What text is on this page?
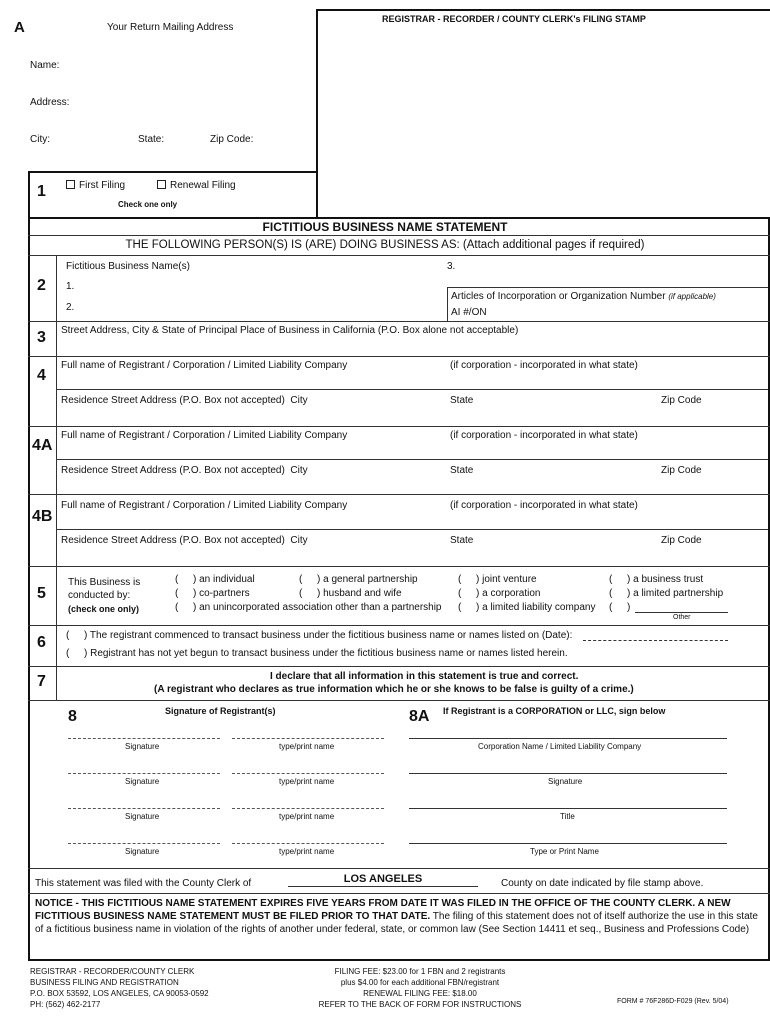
A	Your Return Mailing Address
Name:
Address:
City:	State:	Zip Code:
REGISTRAR - RECORDER / COUNTY CLERK's FILING STAMP
1	First Filing	Renewal Filing
Check one only
FICTITIOUS BUSINESS NAME STATEMENT
THE FOLLOWING PERSON(S) IS (ARE) DOING BUSINESS AS: (Attach additional pages if required)
2
Fictitious Business Name(s)
1.
2.
3.
Articles of Incorporation or Organization Number (if applicable)
AI #/ON
3 Street Address, City & State of Principal Place of Business in California (P.O. Box alone not acceptable)
4
Full name of Registrant / Corporation / Limited Liability Company	(if corporation - incorporated in what state)
Residence Street Address (P.O. Box not accepted) City	State	Zip Code
4A
Full name of Registrant / Corporation / Limited Liability Company	(if corporation - incorporated in what state)
Residence Street Address (P.O. Box not accepted) City	State	Zip Code
4B
Full name of Registrant / Corporation / Limited Liability Company	(if corporation - incorporated in what state)
Residence Street Address (P.O. Box not accepted) City	State	Zip Code
5
This Business is
conducted by:
(check one only)
( ) an individual	( ) a general partnership	( ) joint venture	( ) a business trust
( ) co-partners	( ) husband and wife	( ) a corporation	( ) a limited partnership
( ) an unincorporated association other than a partnership ( ) a limited liability company ( )
Other
6 ( ) The registrant commenced to transact business under the fictitious business name or names listed on (Date):
( ) Registrant has not yet begun to transact business under the fictitious business name or names listed herein.
7	I declare that all information in this statement is true and correct.
(A registrant who declares as true information which he or she knows to be false is guilty of a crime.)
8	Signature of Registrant(s)	8A If Registrant is a CORPORATION or LLC, sign below
Signature	type/print name	Corporation Name / Limited Liability Company
Signature	type/print name	Signature
Signature	type/print name	Title
Signature	type/print name	Type or Print Name
This statement was filed with the County Clerk of	LOS ANGELES	County on date indicated by file stamp above.
NOTICE - THIS FICTITIOUS NAME STATEMENT EXPIRES FIVE YEARS FROM DATE IT WAS FILED IN THE OFFICE OF THE COUNTY CLERK. A NEW FICTITIOUS BUSINESS NAME STATEMENT MUST BE FILED PRIOR TO THAT DATE. The filing of this statement does not of itself authorize the use in this state of a fictitious business name in violation of the rights of another under federal, state, or common law (See Section 14411 et seq., Business and Professions Code)
REGISTRAR - RECORDER/COUNTY CLERK
BUSINESS FILING AND REGISTRATION
P.O. BOX 53592, LOS ANGELES, CA 90053-0592
PH: (562) 462-2177
FILING FEE: $23.00 for 1 FBN and 2 registrants
plus $4.00 for each additional FBN/registrant
RENEWAL FILING FEE: $18.00
REFER TO THE BACK OF FORM FOR INSTRUCTIONS	FORM # 76F286D-F029 (Rev. 5/04)
